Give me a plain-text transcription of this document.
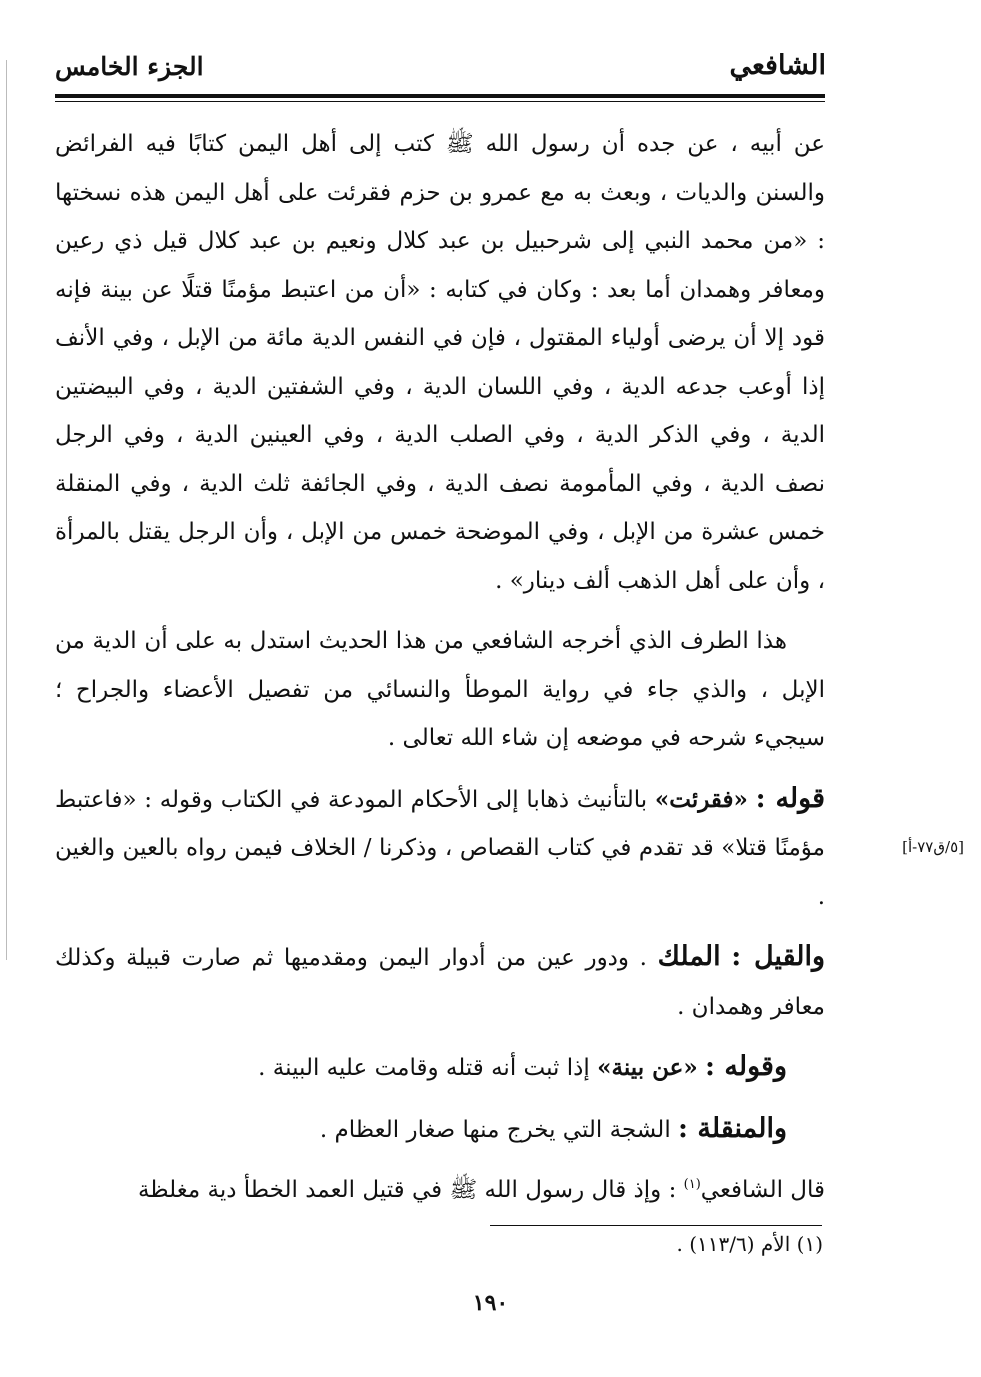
الشافعي
الجزء الخامس

عن أبيه ، عن جده أن رسول الله ﷺ كتب إلى أهل اليمن كتابًا فيه الفرائض والسنن والديات ، وبعث به مع عمرو بن حزم فقرئت على أهل اليمن هذه نسختها : «من محمد النبي إلى شرحبيل بن عبد كلال ونعيم بن عبد كلال قيل ذي رعين ومعافر وهمدان أما بعد : وكان في كتابه : «أن من اعتبط مؤمنًا قتلًا عن بينة فإنه قود إلا أن يرضى أولياء المقتول ، فإن في النفس الدية مائة من الإبل ، وفي الأنف إذا أوعب جدعه الدية ، وفي اللسان الدية ، وفي الشفتين الدية ، وفي البيضتين الدية ، وفي الذكر الدية ، وفي الصلب الدية ، وفي العينين الدية ، وفي الرجل نصف الدية ، وفي المأمومة نصف الدية ، وفي الجائفة ثلث الدية ، وفي المنقلة خمس عشرة من الإبل ، وفي الموضحة خمس من الإبل ، وأن الرجل يقتل بالمرأة ، وأن على أهل الذهب ألف دينار» .

هذا الطرف الذي أخرجه الشافعي من هذا الحديث استدل به على أن الدية من الإبل ، والذي جاء في رواية الموطأ والنسائي من تفصيل الأعضاء والجراح ؛ سيجيء شرحه في موضعه إن شاء الله تعالى .

قوله : «فقرئت» بالتأنيث ذهابا إلى الأحكام المودعة في الكتاب وقوله : «فاعتبط مؤمنًا قتلا» قد تقدم في كتاب القصاص ، وذكرنا / الخلاف فيمن رواه بالعين والغين .

والقيل : الملك . ودور عين من أدوار اليمن ومقدميها ثم صارت قبيلة وكذلك معافر وهمدان .

وقوله : «عن بينة» إذا ثبت أنه قتله وقامت عليه البينة .

والمنقلة : الشجة التي يخرج منها صغار العظام .

قال الشافعي$^{(١)}$ : وإذ قال رسول الله ﷺ في قتيل العمد الخطأ دية مغلظة

[٥/ق٧٧-أ]
(١) الأم (١١٣/٦) .
١٩٠
